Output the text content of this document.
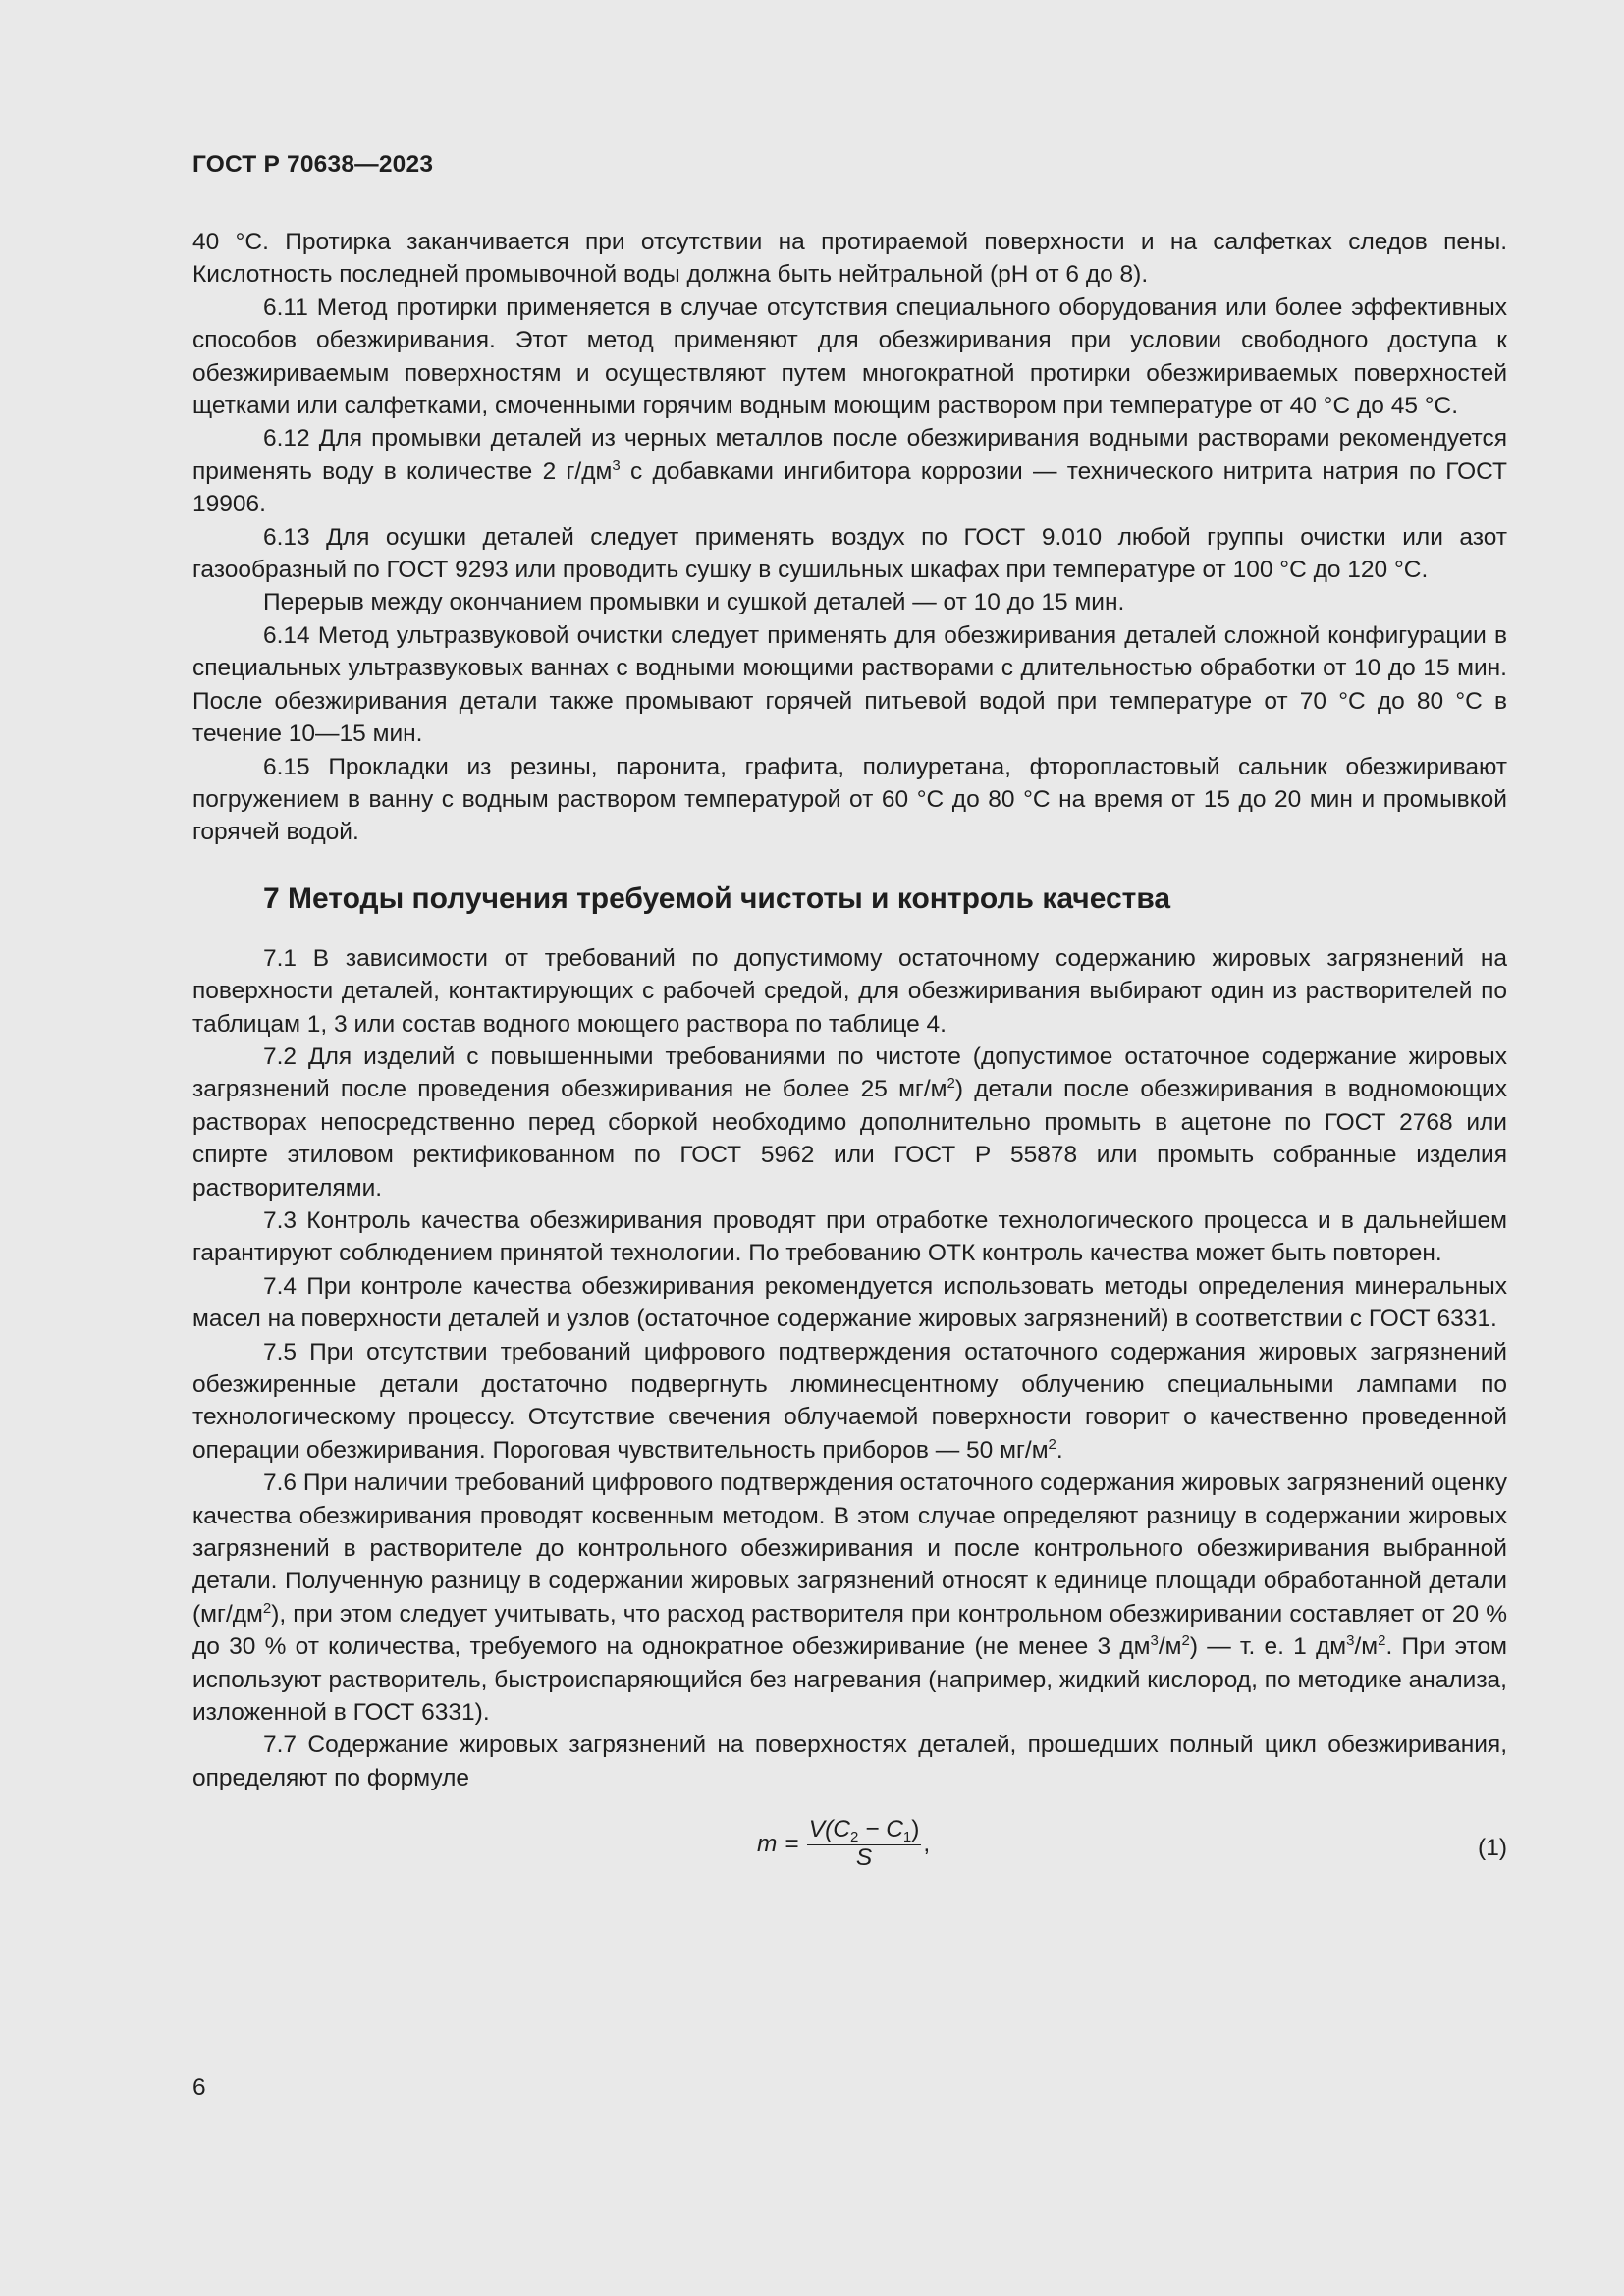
ГОСТ Р 70638—2023

40 °C. Протирка заканчивается при отсутствии на протираемой поверхности и на салфетках следов пены. Кислотность последней промывочной воды должна быть нейтральной (pH от 6 до 8).

6.11 Метод протирки применяется в случае отсутствия специального оборудования или более эффективных способов обезжиривания. Этот метод применяют для обезжиривания при условии свободного доступа к обезжириваемым поверхностям и осуществляют путем многократной протирки обезжириваемых поверхностей щетками или салфетками, смоченными горячим водным моющим раствором при температуре от 40 °C до 45 °C.

6.12 Для промывки деталей из черных металлов после обезжиривания водными растворами рекомендуется применять воду в количестве 2 $г/дм^3$ с добавками ингибитора коррозии — технического нитрита натрия по ГОСТ 19906.

6.13 Для осушки деталей следует применять воздух по ГОСТ 9.010 любой группы очистки или азот газообразный по ГОСТ 9293 или проводить сушку в сушильных шкафах при температуре от 100 °C до 120 °C.

Перерыв между окончанием промывки и сушкой деталей — от 10 до 15 мин.

6.14 Метод ультразвуковой очистки следует применять для обезжиривания деталей сложной конфигурации в специальных ультразвуковых ваннах с водными моющими растворами с длительностью обработки от 10 до 15 мин. После обезжиривания детали также промывают горячей питьевой водой при температуре от 70 °C до 80 °C в течение 10—15 мин.

6.15 Прокладки из резины, паронита, графита, полиуретана, фторопластовый сальник обезжиривают погружением в ванну с водным раствором температурой от 60 °C до 80 °C на время от 15 до 20 мин и промывкой горячей водой.

7 Методы получения требуемой чистоты и контроль качества

7.1 В зависимости от требований по допустимому остаточному содержанию жировых загрязнений на поверхности деталей, контактирующих с рабочей средой, для обезжиривания выбирают один из растворителей по таблицам 1, 3 или состав водного моющего раствора по таблице 4.

7.2 Для изделий с повышенными требованиями по чистоте (допустимое остаточное содержание жировых загрязнений после проведения обезжиривания не более 25 $мг/м^2$) детали после обезжиривания в водномоющих растворах непосредственно перед сборкой необходимо дополнительно промыть в ацетоне по ГОСТ 2768 или спирте этиловом ректификованном по ГОСТ 5962 или ГОСТ Р 55878 или промыть собранные изделия растворителями.

7.3 Контроль качества обезжиривания проводят при отработке технологического процесса и в дальнейшем гарантируют соблюдением принятой технологии. По требованию ОТК контроль качества может быть повторен.

7.4 При контроле качества обезжиривания рекомендуется использовать методы определения минеральных масел на поверхности деталей и узлов (остаточное содержание жировых загрязнений) в соответствии с ГОСТ 6331.

7.5 При отсутствии требований цифрового подтверждения остаточного содержания жировых загрязнений обезжиренные детали достаточно подвергнуть люминесцентному облучению специальными лампами по технологическому процессу. Отсутствие свечения облучаемой поверхности говорит о качественно проведенной операции обезжиривания. Пороговая чувствительность приборов — 50 $мг/м^2$.

7.6 При наличии требований цифрового подтверждения остаточного содержания жировых загрязнений оценку качества обезжиривания проводят косвенным методом. В этом случае определяют разницу в содержании жировых загрязнений в растворителе до контрольного обезжиривания и после контрольного обезжиривания выбранной детали. Полученную разницу в содержании жировых загрязнений относят к единице площади обработанной детали $(мг/дм^2)$, при этом следует учитывать, что расход растворителя при контрольном обезжиривании составляет от 20 % до 30 % от количества, требуемого на однократное обезжиривание (не менее 3 $дм^3/м^2$) — т. е. 1 $дм^3/м^2$. При этом используют растворитель, быстроиспаряющийся без нагревания (например, жидкий кислород, по методике анализа, изложенной в ГОСТ 6331).

7.7 Содержание жировых загрязнений на поверхностях деталей, прошедших полный цикл обезжиривания, определяют по формуле

$m = \frac{V(C_2 - C_1)}{S}$ ,	(1)
6
